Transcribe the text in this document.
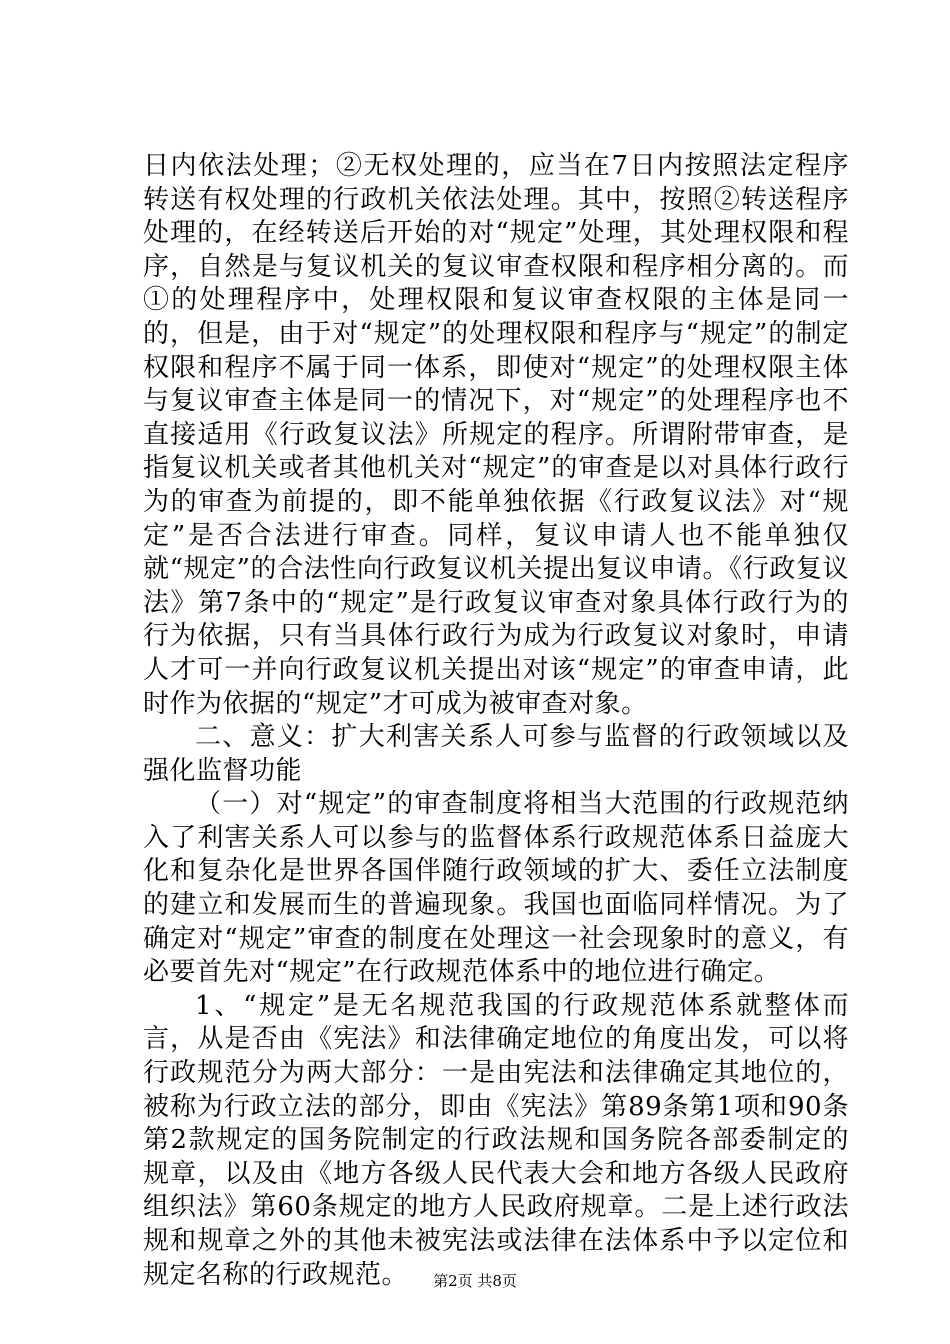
日内依法处理；②无权处理的，应当在7日内按照法定程序转送有权处理的行政机关依法处理。其中，按照②转送程序处理的，在经转送后开始的对“规定”处理，其处理权限和程序，自然是与复议机关的复议审查权限和程序相分离的。而①的处理程序中，处理权限和复议审查权限的主体是同一的，但是，由于对“规定”的处理权限和程序与“规定”的制定权限和程序不属于同一体系，即使对“规定”的处理权限主体与复议审查主体是同一的情况下，对“规定”的处理程序也不直接适用《行政复议法》所规定的程序。所谓附带审查，是指复议机关或者其他机关对“规定”的审查是以对具体行政行为的审查为前提的，即不能单独依据《行政复议法》对“规定”是否合法进行审查。同样，复议申请人也不能单独仅就“规定”的合法性向行政复议机关提出复议申请。《行政复议法》第7条中的“规定”是行政复议审查对象具体行政行为的行为依据，只有当具体行政行为成为行政复议对象时，申请人才可一并向行政复议机关提出对该“规定”的审查申请，此时作为依据的“规定”才可成为被审查对象。

二、意义：扩大利害关系人可参与监督的行政领域以及强化监督功能

（一）对“规定”的审查制度将相当大范围的行政规范纳入了利害关系人可以参与的监督体系行政规范体系日益庞大化和复杂化是世界各国伴随行政领域的扩大、委任立法制度的建立和发展而生的普遍现象。我国也面临同样情况。为了确定对“规定”审查的制度在处理这一社会现象时的意义，有必要首先对“规定”在行政规范体系中的地位进行确定。

1、“规定”是无名规范我国的行政规范体系就整体而言，从是否由《宪法》和法律确定地位的角度出发，可以将行政规范分为两大部分：一是由宪法和法律确定其地位的，被称为行政立法的部分，即由《宪法》第89条第1项和90条第2款规定的国务院制定的行政法规和国务院各部委制定的规章，以及由《地方各级人民代表大会和地方各级人民政府组织法》第60条规定的地方人民政府规章。二是上述行政法规和规章之外的其他未被宪法或法律在法体系中予以定位和规定名称的行政规范。	第2页 共8页
